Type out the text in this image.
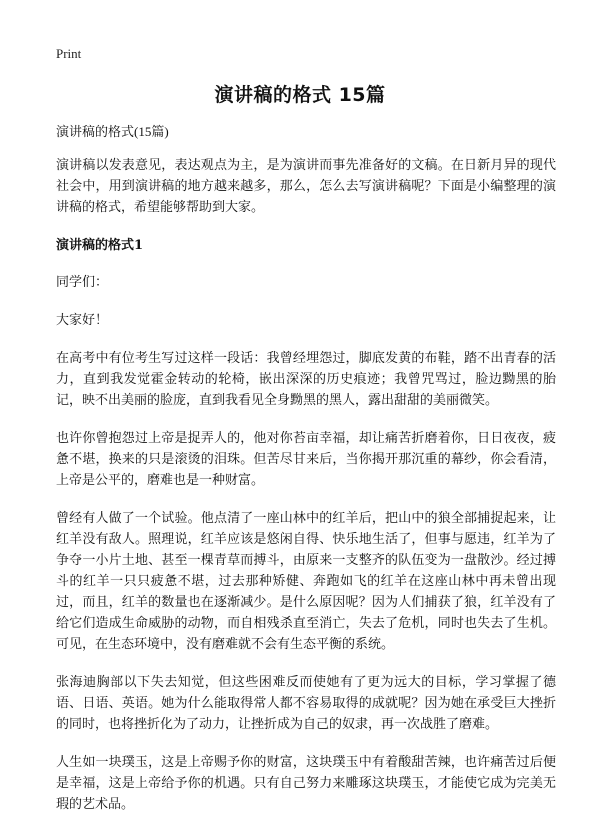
Print
演讲稿的格式 15篇

演讲稿的格式(15篇)

演讲稿以发表意见，表达观点为主，是为演讲而事先准备好的文稿。在日新月异的现代社会中，用到演讲稿的地方越来越多，那么，怎么去写演讲稿呢？下面是小编整理的演讲稿的格式，希望能够帮助到大家。

演讲稿的格式1

同学们：

大家好！

在高考中有位考生写过这样一段话：我曾经埋怨过，脚底发黄的布鞋，踏不出青春的活力，直到我发觉霍金转动的轮椅，嵌出深深的历史痕迹；我曾咒骂过，脸边黝黑的胎记，映不出美丽的脸庞，直到我看见全身黝黑的黑人，露出甜甜的美丽微笑。

也许你曾抱怨过上帝是捉弄人的，他对你苔亩幸福，却让痛苦折磨着你，日日夜夜，疲惫不堪，换来的只是滚烫的泪珠。但苦尽甘来后，当你揭开那沉重的幕纱，你会看清，上帝是公平的，磨难也是一种财富。

曾经有人做了一个试验。他点清了一座山林中的红羊后，把山中的狼全部捕捉起来，让红羊没有敌人。照理说，红羊应该是悠闲自得、快乐地生活了，但事与愿违，红羊为了争夺一小片土地、甚至一棵青草而搏斗，由原来一支整齐的队伍变为一盘散沙。经过搏斗的红羊一只只疲惫不堪，过去那种矫健、奔跑如飞的红羊在这座山林中再未曾出现过，而且，红羊的数量也在逐渐减少。是什么原因呢？因为人们捕获了狼，红羊没有了给它们造成生命威胁的动物，而自相残杀直至消亡，失去了危机，同时也失去了生机。可见，在生态环境中，没有磨难就不会有生态平衡的系统。

张海迪胸部以下失去知觉，但这些困难反而使她有了更为远大的目标，学习掌握了德语、日语、英语。她为什么能取得常人都不容易取得的成就呢？因为她在承受巨大挫折的同时，也将挫折化为了动力，让挫折成为自己的奴隶，再一次战胜了磨难。

人生如一块璞玉，这是上帝赐予你的财富，这块璞玉中有着酸甜苦辣，也许痛苦过后便是幸福，这是上帝给予你的机遇。只有自己努力来雕琢这块璞玉，才能使它成为完美无瑕的艺术品。
